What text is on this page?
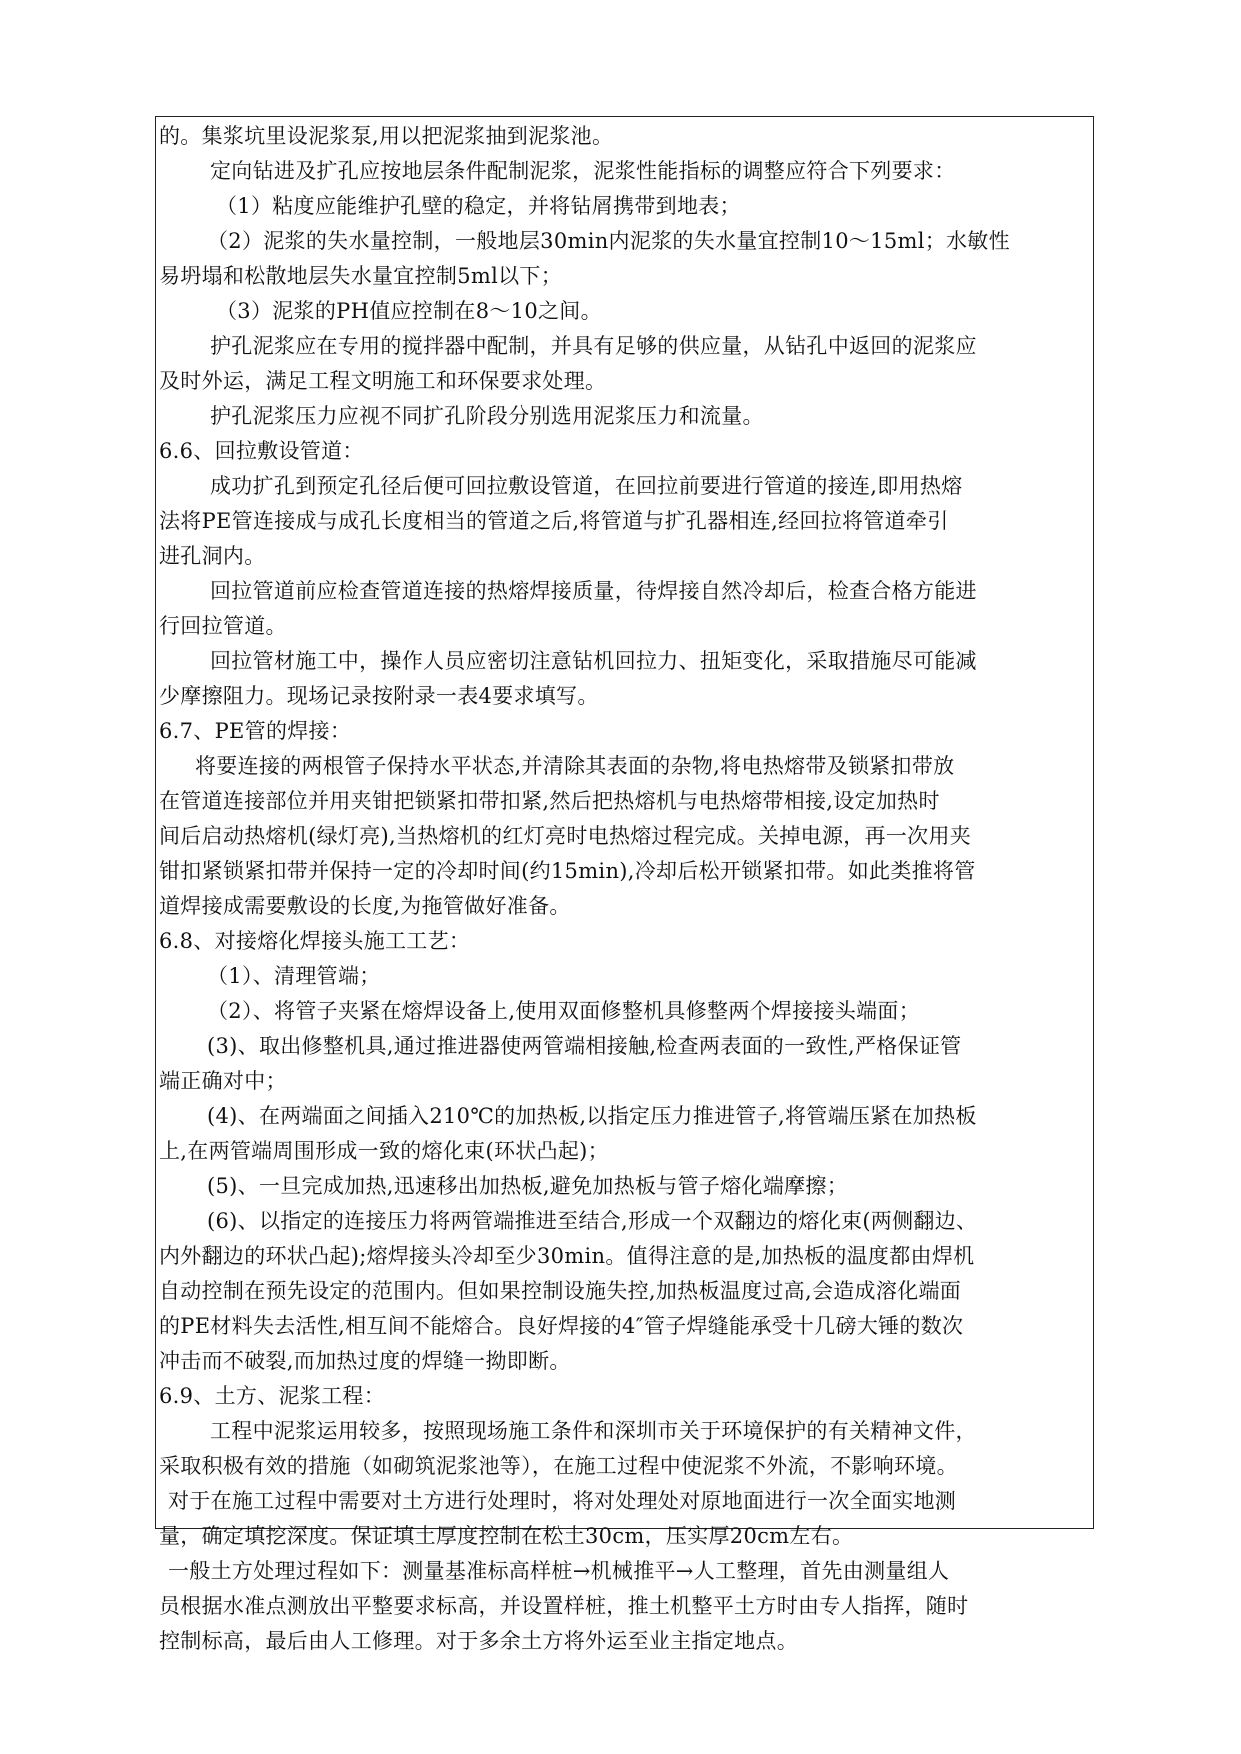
的。集浆坑里设泥浆泵,用以把泥浆抽到泥浆池。
定向钻进及扩孔应按地层条件配制泥浆，泥浆性能指标的调整应符合下列要求：
（1）粘度应能维护孔壁的稳定，并将钻屑携带到地表；
（2）泥浆的失水量控制，一般地层30min内泥浆的失水量宜控制10～15ml；水敏性
易坍塌和松散地层失水量宜控制5ml以下；
（3）泥浆的PH值应控制在8～10之间。
护孔泥浆应在专用的搅拌器中配制，并具有足够的供应量，从钻孔中返回的泥浆应
及时外运，满足工程文明施工和环保要求处理。
护孔泥浆压力应视不同扩孔阶段分别选用泥浆压力和流量。
6.6、回拉敷设管道：
成功扩孔到预定孔径后便可回拉敷设管道，在回拉前要进行管道的接连,即用热熔
法将PE管连接成与成孔长度相当的管道之后,将管道与扩孔器相连,经回拉将管道牵引
进孔洞内。
回拉管道前应检查管道连接的热熔焊接质量，待焊接自然冷却后，检查合格方能进
行回拉管道。
回拉管材施工中，操作人员应密切注意钻机回拉力、扭矩变化，采取措施尽可能减
少摩擦阻力。现场记录按附录一表4要求填写。
6.7、PE管的焊接：
将要连接的两根管子保持水平状态,并清除其表面的杂物,将电热熔带及锁紧扣带放
在管道连接部位并用夹钳把锁紧扣带扣紧,然后把热熔机与电热熔带相接,设定加热时
间后启动热熔机(绿灯亮),当热熔机的红灯亮时电热熔过程完成。关掉电源，再一次用夹
钳扣紧锁紧扣带并保持一定的冷却时间(约15min),冷却后松开锁紧扣带。如此类推将管
道焊接成需要敷设的长度,为拖管做好准备。
6.8、对接熔化焊接头施工工艺：
（1）、清理管端；
（2）、将管子夹紧在熔焊设备上,使用双面修整机具修整两个焊接接头端面；
(3)、取出修整机具,通过推进器使两管端相接触,检查两表面的一致性,严格保证管
端正确对中；
(4)、在两端面之间插入210℃的加热板,以指定压力推进管子,将管端压紧在加热板
上,在两管端周围形成一致的熔化束(环状凸起)；
(5)、一旦完成加热,迅速移出加热板,避免加热板与管子熔化端摩擦；
(6)、以指定的连接压力将两管端推进至结合,形成一个双翻边的熔化束(两侧翻边、
内外翻边的环状凸起);熔焊接头冷却至少30min。值得注意的是,加热板的温度都由焊机
自动控制在预先设定的范围内。但如果控制设施失控,加热板温度过高,会造成溶化端面
的PE材料失去活性,相互间不能熔合。良好焊接的4″管子焊缝能承受十几磅大锤的数次
冲击而不破裂,而加热过度的焊缝一拗即断。
6.9、土方、泥浆工程：
工程中泥浆运用较多，按照现场施工条件和深圳市关于环境保护的有关精神文件，
采取积极有效的措施（如砌筑泥浆池等），在施工过程中使泥浆不外流，不影响环境。
对于在施工过程中需要对土方进行处理时，将对处理处对原地面进行一次全面实地测
量，确定填挖深度。保证填土厚度控制在松土30cm，压实厚20cm左右。
一般土方处理过程如下：测量基准标高样桩→机械推平→人工整理，首先由测量组人
员根据水准点测放出平整要求标高，并设置样桩，推土机整平土方时由专人指挥，随时
控制标高，最后由人工修理。对于多余土方将外运至业主指定地点。
